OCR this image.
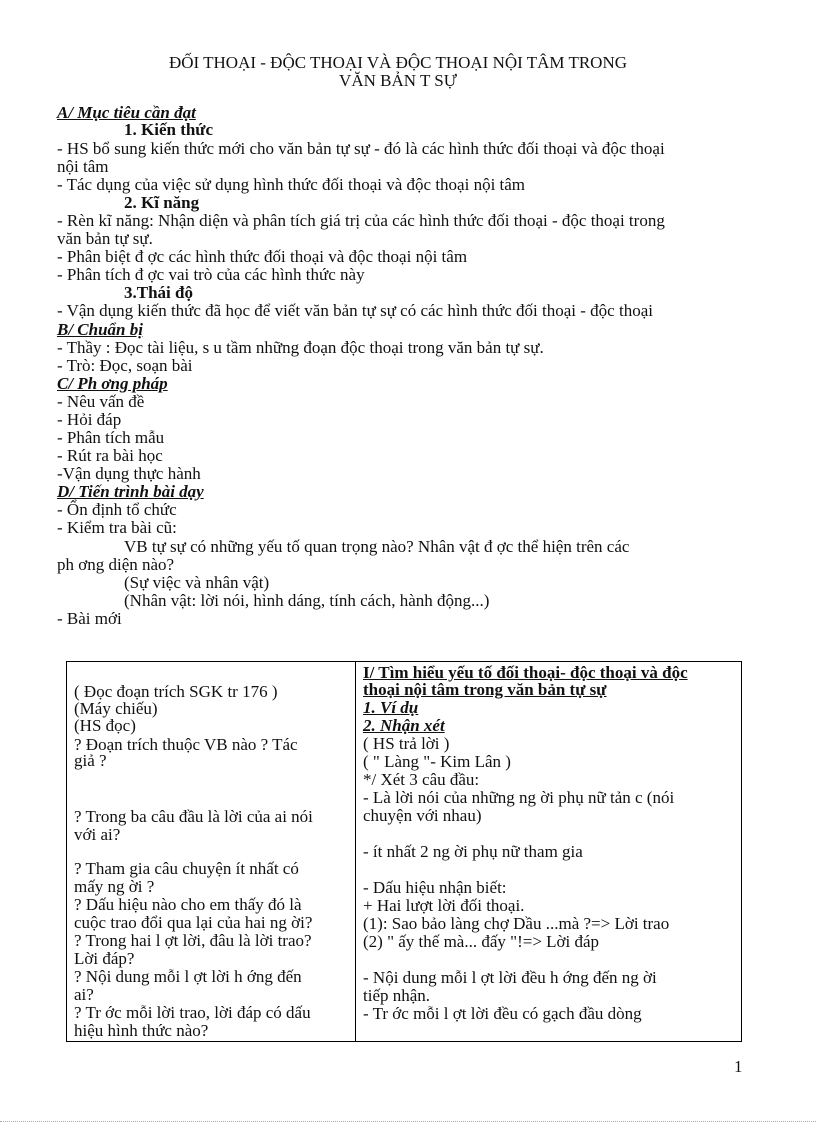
ĐỐI THOẠI - ĐỘC THOẠI VÀ ĐỘC THOẠI NỘI TÂM TRONG
VĂN BẢN T SỰ
A/ Mục tiêu cần đạt
1. Kiến thức
- HS bổ sung kiến thức mới cho văn bản tự sự - đó là các hình thức đối thoại và độc thoại
nội tâm
- Tác dụng của việc sử dụng hình thức đối thoại và độc thoại nội tâm
2. Kĩ năng
- Rèn kĩ năng: Nhận diện và phân tích giá trị của các hình thức đối thoại - độc thoại trong
văn bản tự sự.
- Phân biệt đ ợc các hình thức đối thoại và độc thoại nội tâm
- Phân tích đ ợc vai trò của các hình thức này
3.Thái độ
- Vận dụng kiến thức đã học để viết văn bản tự sự có các hình thức đối thoại - độc thoại
B/ Chuẩn bị
- Thầy : Đọc tài liệu, s u tầm những đoạn độc thoại trong văn bản tự sự.
- Trò: Đọc, soạn bài
C/ Ph ơng pháp
- Nêu vấn đề
- Hỏi đáp
- Phân tích mẫu
- Rút ra bài học
-Vận dụng thực hành
D/ Tiến trình bài dạy
- Ổn định tổ chức
- Kiểm tra bài cũ:
VB tự sự có những yếu tố quan trọng nào? Nhân vật đ ợc thể hiện trên các
ph ơng diện nào?
(Sự việc và nhân vật)
(Nhân vật: lời nói, hình dáng, tính cách, hành động...)
- Bài mới
( Đọc đoạn trích SGK tr 176 )
(Máy chiếu)
(HS đọc)
? Đoạn trích thuộc VB nào ? Tác
giả ?
? Trong ba câu đầu là lời của ai nói
với ai?
? Tham gia câu chuyện ít nhất có
mấy ng ời ?
? Dấu hiệu nào cho em thấy đó là
cuộc trao đổi qua lại của hai ng ời?
? Trong hai l ợt lời, đâu là lời trao?
Lời đáp?
? Nội dung mỗi l ợt lời h ớng đến
ai?
? Tr ớc mỗi lời trao, lời đáp có dấu
hiệu hình thức nào?
I/ Tìm hiểu yếu tố đối thoại- độc thoại và độc
thoại nội tâm trong văn bản tự sự
1. Ví dụ
2. Nhận xét
( HS trả lời )
( " Làng "- Kim Lân )
*/ Xét 3 câu đầu:
- Là lời nói của những ng ời phụ nữ tản c (nói
chuyện với nhau)
- ít nhất 2 ng ời phụ nữ tham gia
- Dấu hiệu nhận biết:
+ Hai lượt lời đối thoại.
(1): Sao bảo làng chợ Dầu ...mà ?=> Lời trao
(2) " ấy thế mà... đấy "!=> Lời đáp
- Nội dung mỗi l ợt lời đều h ớng đến ng ời
tiếp nhận.
- Tr ớc mỗi l ợt lời đều có gạch đầu dòng
1
